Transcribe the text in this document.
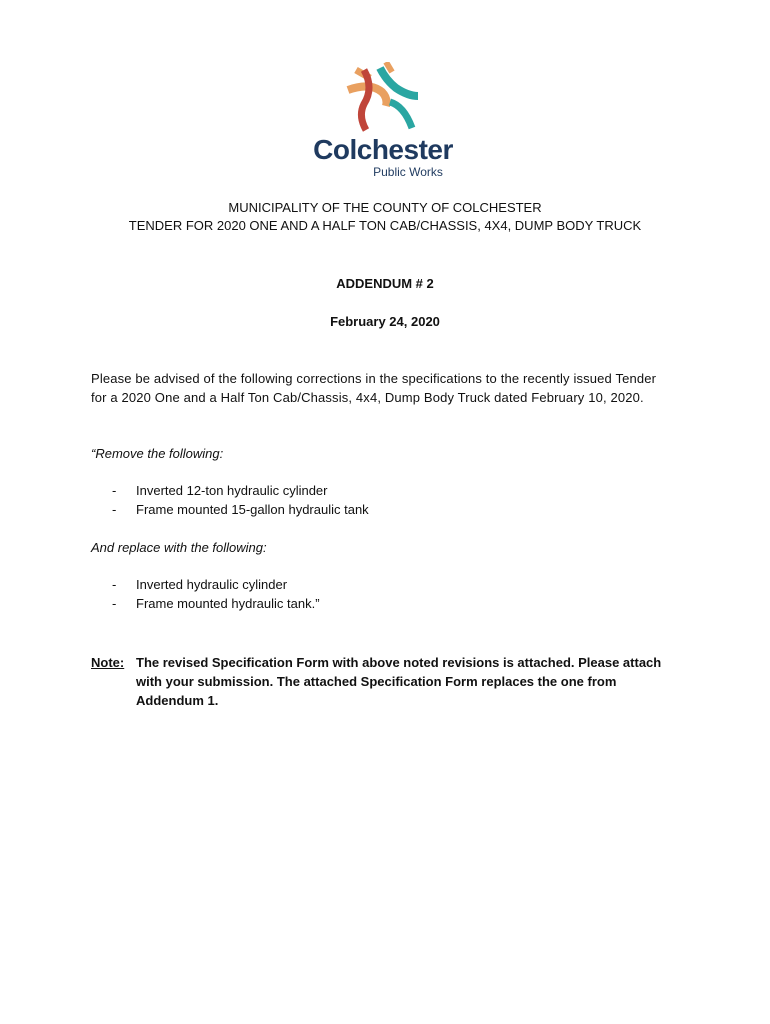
Colchester
Public Works
MUNICIPALITY OF THE COUNTY OF COLCHESTER
TENDER FOR 2020 ONE AND A HALF TON CAB/CHASSIS, 4X4, DUMP BODY TRUCK
ADDENDUM # 2
February 24, 2020
Please be advised of the following corrections in the specifications to the recently issued Tender for a 2020 One and a Half Ton Cab/Chassis, 4x4, Dump Body Truck dated February 10, 2020.
“Remove the following:
- Inverted 12-ton hydraulic cylinder
- Frame mounted 15-gallon hydraulic tank
And replace with the following:
- Inverted hydraulic cylinder
- Frame mounted hydraulic tank.”
Note: The revised Specification Form with above noted revisions is attached. Please attach with your submission. The attached Specification Form replaces the one from Addendum 1.
